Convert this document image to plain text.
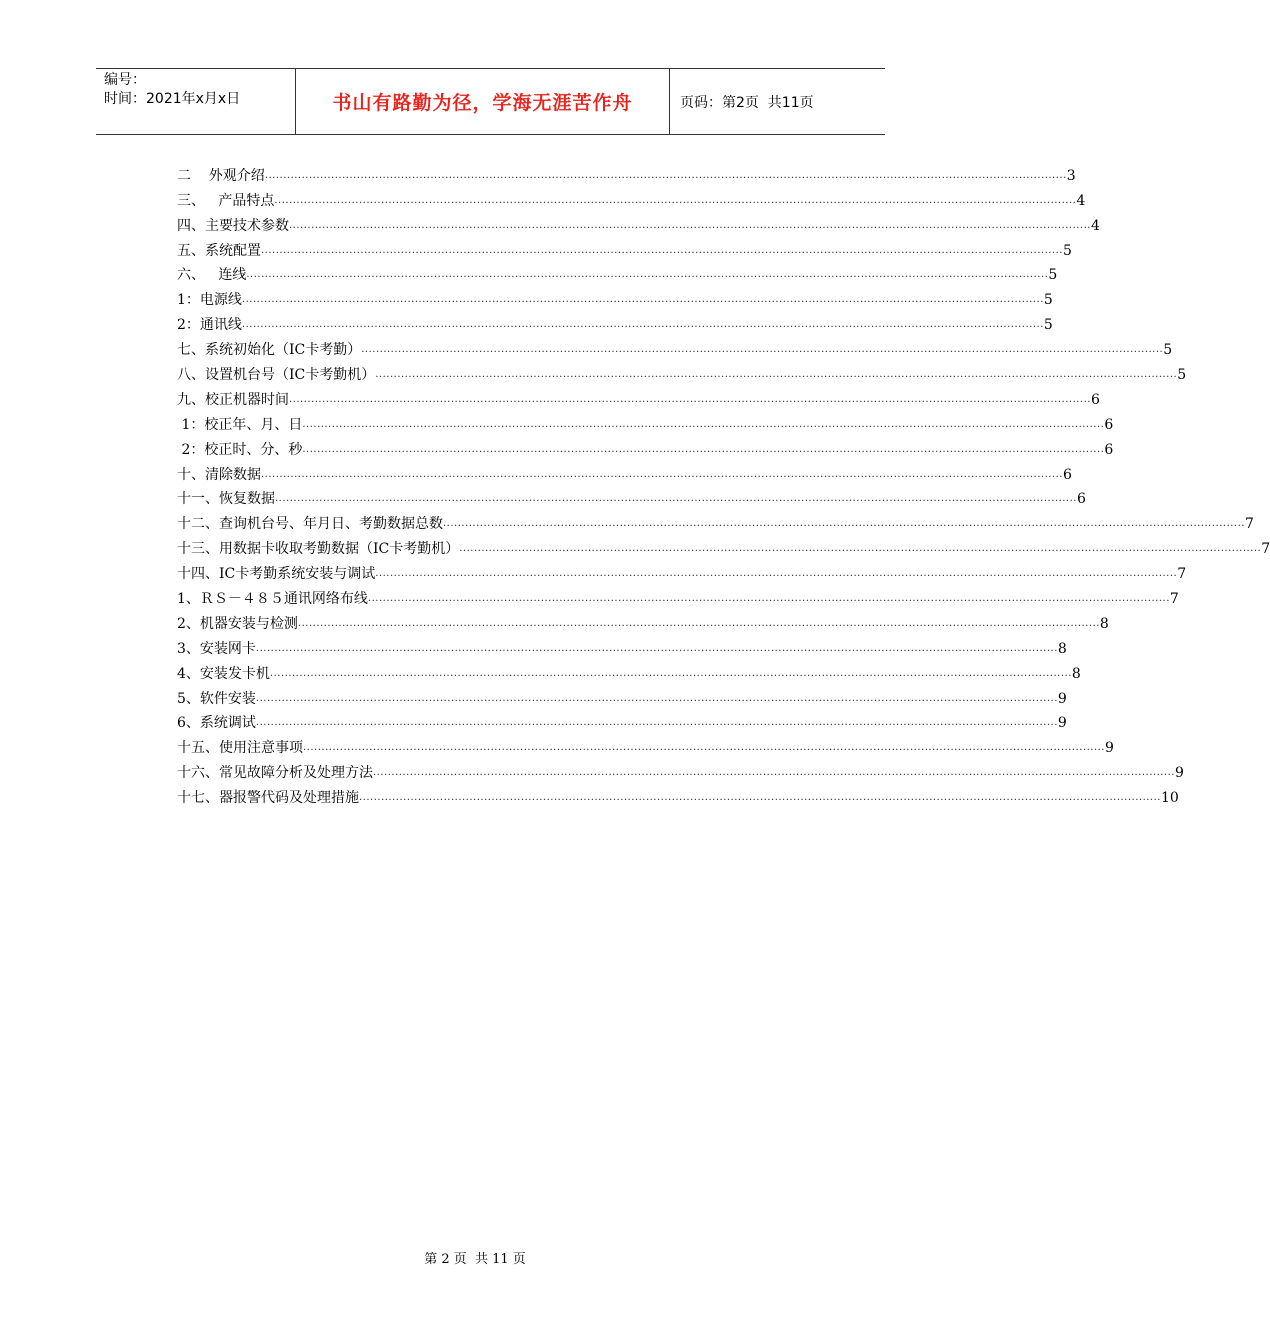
编号：
时间：2021年x月x日	书山有路勤为径，学海无涯苦作舟	页码：第2页  共11页
二    外观介绍 .......................................................................................................................................................................................................................... 3
三、   产品特点 .......................................................................................................................................................................................................................... 4
四、主要技术参数 .......................................................................................................................................................................................................................... 4
五、系统配置 .......................................................................................................................................................................................................................... 5
六、   连线 .......................................................................................................................................................................................................................... 5
1：电源线 .......................................................................................................................................................................................................................... 5
2：通讯线 .......................................................................................................................................................................................................................... 5
七、系统初始化（IC卡考勤） .......................................................................................................................................................................................................................... 5
八、设置机台号（IC卡考勤机） .......................................................................................................................................................................................................................... 5
九、校正机器时间 .......................................................................................................................................................................................................................... 6
1：校正年、月、日 .......................................................................................................................................................................................................................... 6
2：校正时、分、秒 .......................................................................................................................................................................................................................... 6
十、清除数据 .......................................................................................................................................................................................................................... 6
十一、恢复数据 .......................................................................................................................................................................................................................... 6
十二、查询机台号、年月日、考勤数据总数 .......................................................................................................................................................................................................................... 7
十三、用数据卡收取考勤数据（IC卡考勤机） .......................................................................................................................................................................................................................... 7
十四、IC卡考勤系统安装与调试 .......................................................................................................................................................................................................................... 7
1、ＲＳ－４８５通讯网络布线 .......................................................................................................................................................................................................................... 7
2、机器安装与检测 .......................................................................................................................................................................................................................... 8
3、安装网卡 .......................................................................................................................................................................................................................... 8
4、安装发卡机 .......................................................................................................................................................................................................................... 8
5、软件安装 .......................................................................................................................................................................................................................... 9
6、系统调试 .......................................................................................................................................................................................................................... 9
十五、使用注意事项 .......................................................................................................................................................................................................................... 9
十六、常见故障分析及处理方法 .......................................................................................................................................................................................................................... 9
十七、器报警代码及处理措施 .......................................................................................................................................................................................................................... 10
第 2 页  共 11 页
